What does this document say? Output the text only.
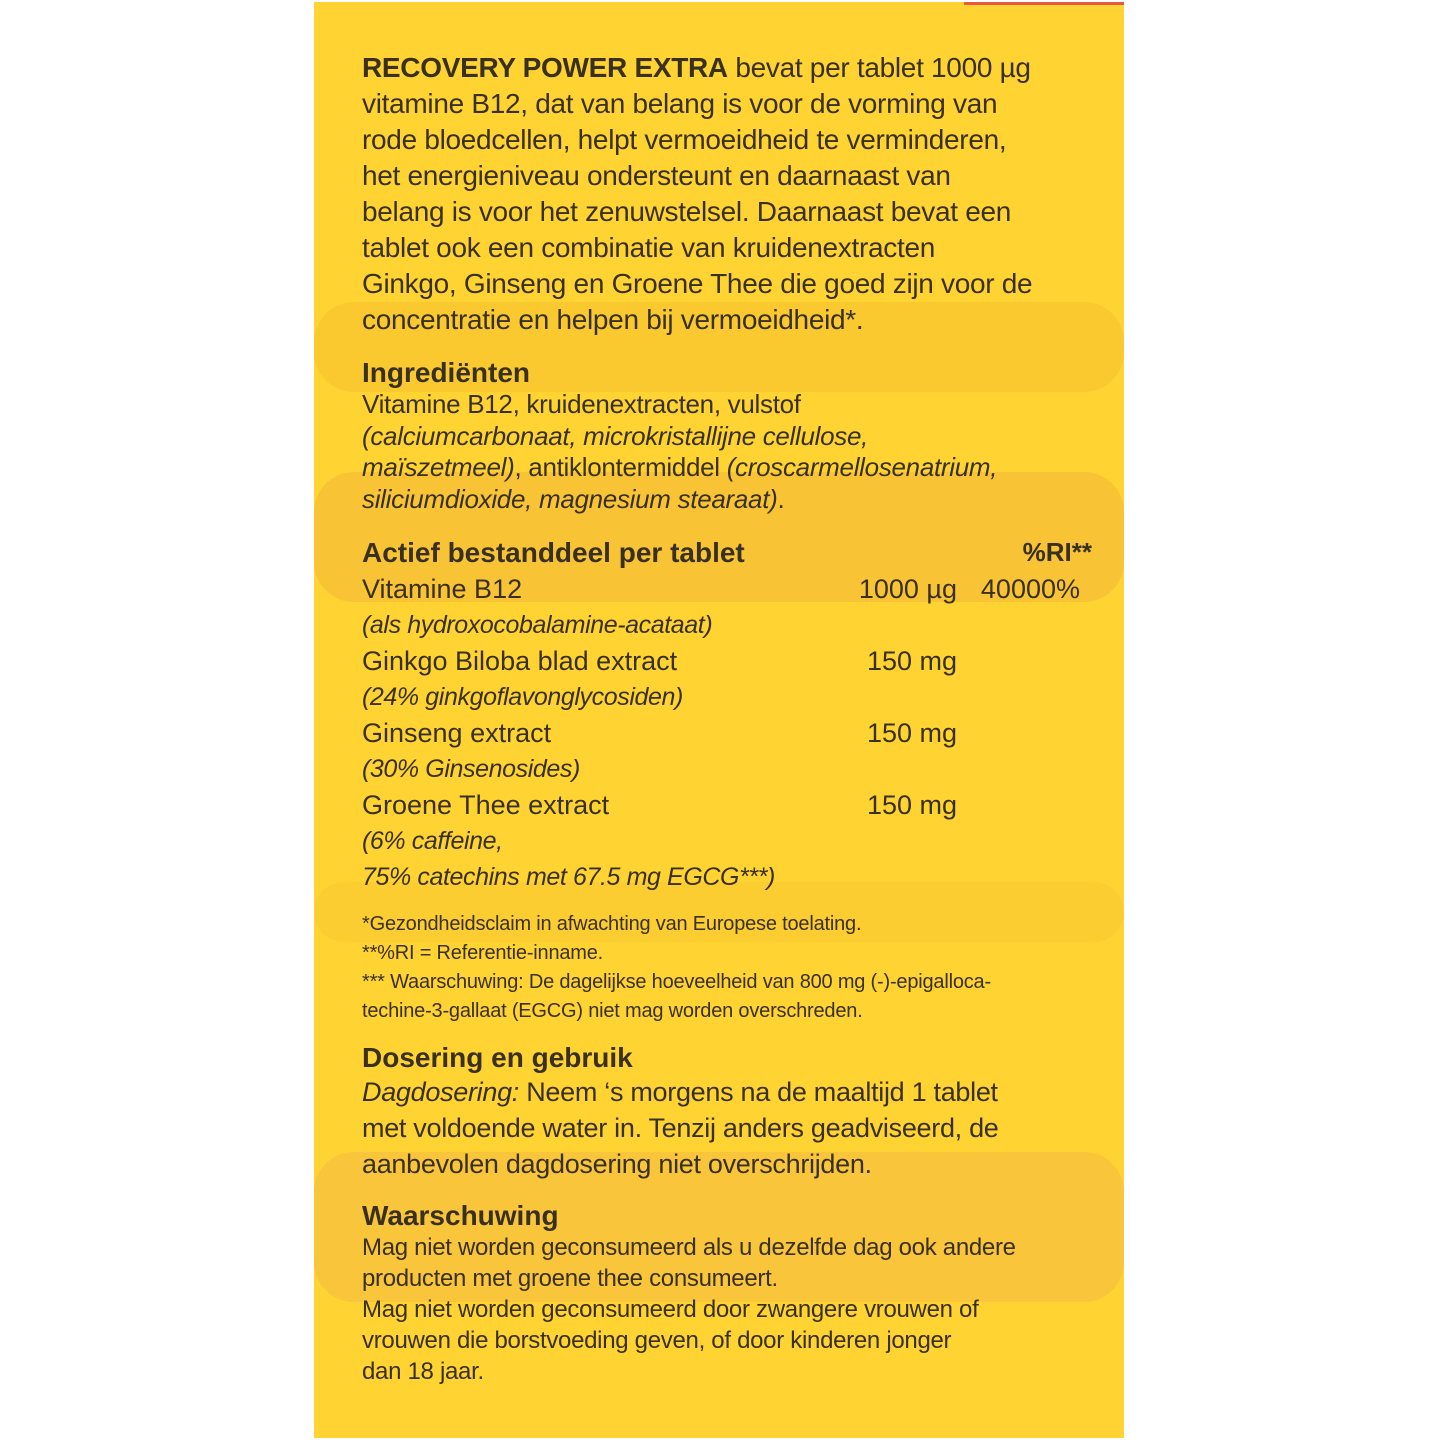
RECOVERY POWER EXTRA bevat per tablet 1000 µg
vitamine B12, dat van belang is voor de vorming van
rode bloedcellen, helpt vermoeidheid te verminderen,
het energieniveau ondersteunt en daarnaast van
belang is voor het zenuwstelsel. Daarnaast bevat een
tablet ook een combinatie van kruidenextracten
Ginkgo, Ginseng en Groene Thee die goed zijn voor de
concentratie en helpen bij vermoeidheid*.
Ingrediënten
Vitamine B12, kruidenextracten, vulstof
(calciumcarbonaat, microkristallijne cellulose,
maïszetmeel), antiklontermiddel (croscarmellosenatrium,
siliciumdioxide, magnesium stearaat).
Actief bestanddeel per tablet	%RI**
Vitamine B12	1000 µg 40000%
(als hydroxocobalamine-acataat)
Ginkgo Biloba blad extract	150 mg
(24% ginkgoflavonglycosiden)
Ginseng extract	150 mg
(30% Ginsenosides)
Groene Thee extract	150 mg
(6% caffeine,
75% catechins met 67.5 mg EGCG***)
*Gezondheidsclaim in afwachting van Europese toelating.
**%RI = Referentie-inname.
*** Waarschuwing: De dagelijkse hoeveelheid van 800 mg (-)-epigalloca-
techine-3-gallaat (EGCG) niet mag worden overschreden.
Dosering en gebruik
Dagdosering: Neem ‘s morgens na de maaltijd 1 tablet
met voldoende water in. Tenzij anders geadviseerd, de
aanbevolen dagdosering niet overschrijden.
Waarschuwing
Mag niet worden geconsumeerd als u dezelfde dag ook andere
producten met groene thee consumeert.
Mag niet worden geconsumeerd door zwangere vrouwen of
vrouwen die borstvoeding geven, of door kinderen jonger
dan 18 jaar.
